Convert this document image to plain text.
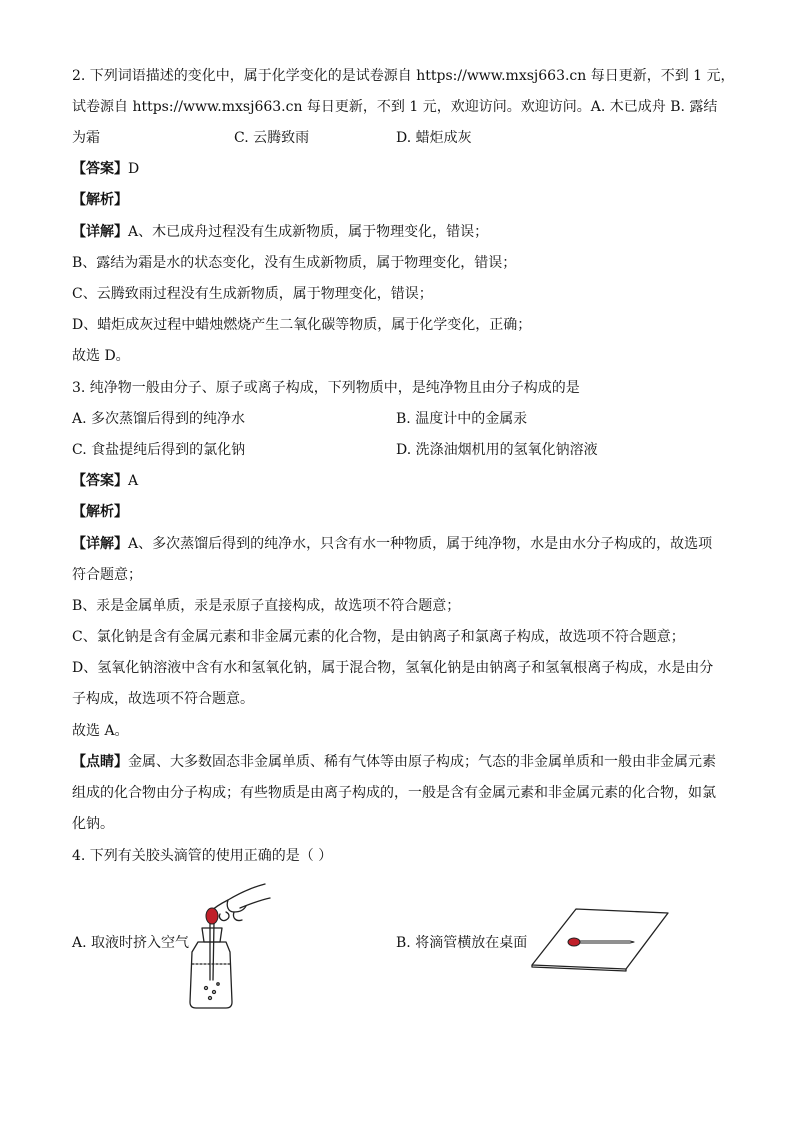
2. 下列词语描述的变化中，属于化学变化的是试卷源自 https://www.mxsj663.cn 每日更新，不到 1 元，
试卷源自 https://www.mxsj663.cn 每日更新，不到 1 元，欢迎访问。欢迎访问。A. 木已成舟 B. 露结
为霜	C. 云腾致雨	D. 蜡炬成灰
【答案】D
【解析】
【详解】A、木已成舟过程没有生成新物质，属于物理变化，错误；
B、露结为霜是水的状态变化，没有生成新物质，属于物理变化，错误；
C、云腾致雨过程没有生成新物质，属于物理变化，错误；
D、蜡炬成灰过程中蜡烛燃烧产生二氧化碳等物质，属于化学变化，正确；
故选 D。
3. 纯净物一般由分子、原子或离子构成，下列物质中，是纯净物且由分子构成的是
A. 多次蒸馏后得到的纯净水	B. 温度计中的金属汞
C. 食盐提纯后得到的氯化钠	D. 洗涤油烟机用的氢氧化钠溶液
【答案】A
【解析】
【详解】A、多次蒸馏后得到的纯净水，只含有水一种物质，属于纯净物，水是由水分子构成的，故选项
符合题意；
B、汞是金属单质，汞是汞原子直接构成，故选项不符合题意；
C、氯化钠是含有金属元素和非金属元素的化合物，是由钠离子和氯离子构成，故选项不符合题意；
D、氢氧化钠溶液中含有水和氢氧化钠，属于混合物，氢氧化钠是由钠离子和氢氧根离子构成，水是由分
子构成，故选项不符合题意。
故选 A。
【点睛】金属、大多数固态非金属单质、稀有气体等由原子构成；气态的非金属单质和一般由非金属元素
组成的化合物由分子构成；有些物质是由离子构成的，一般是含有金属元素和非金属元素的化合物，如氯
化钠。
4. 下列有关胶头滴管的使用正确的是（ ）
A. 取液时挤入空气	B. 将滴管横放在桌面
